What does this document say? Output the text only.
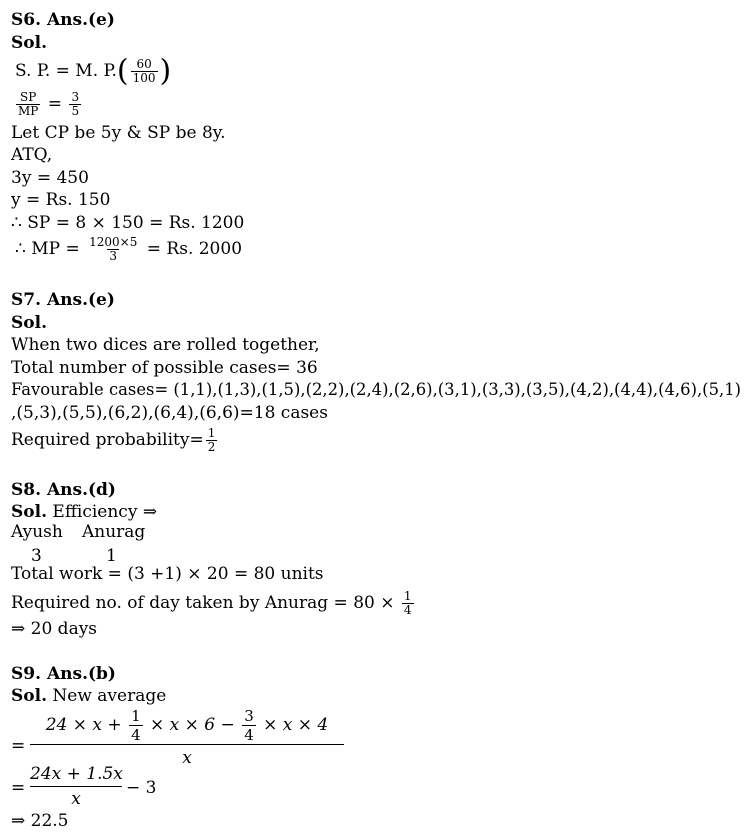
S6. Ans.(e)
Sol.
S. P. = M. $P.( \frac{60}{100}$ )
$\frac{SP}{MP} = \frac{3}{5}$
Let CP be 5y & SP be 8y.
ATQ,
3y = 450
y = Rs. 150
∴ SP = 8 × 150 = Rs. 1200
∴ MP = $\frac{1200\times 5}{3} = Rs$. 2000
S7. Ans.(e)
Sol.
When two dices are rolled together,
Total number of possible cases= 36
Favourable cases= (1,1),(1,3),(1,5),(2,2),(2,4),(2,6),(3,1),(3,3),(3,5),(4,2),(4,4),(4,6),(5,1)
,(5,3),(5,5),(6,2),(6,4),(6,6)=18 cases
Required probability= $\frac{1}{2}$
S8. Ans.(d)
Sol. Efficiency ⇒
Ayush Anurag
3	1
Total work = (3 +1) × 20 = 80 units
Required no. of day taken by Anurag = $80 \times \frac{1}{4}$
⇒ 20 days
S9. Ans.(b)
Sol. New average
= $\frac{24 \times x + \frac{1}{4} \times x \times 6 - \frac{3}{4} \times x \times 4}{x}$
= $\frac{24x + 1.5x}{x} - 3$
⇒ 22.5
